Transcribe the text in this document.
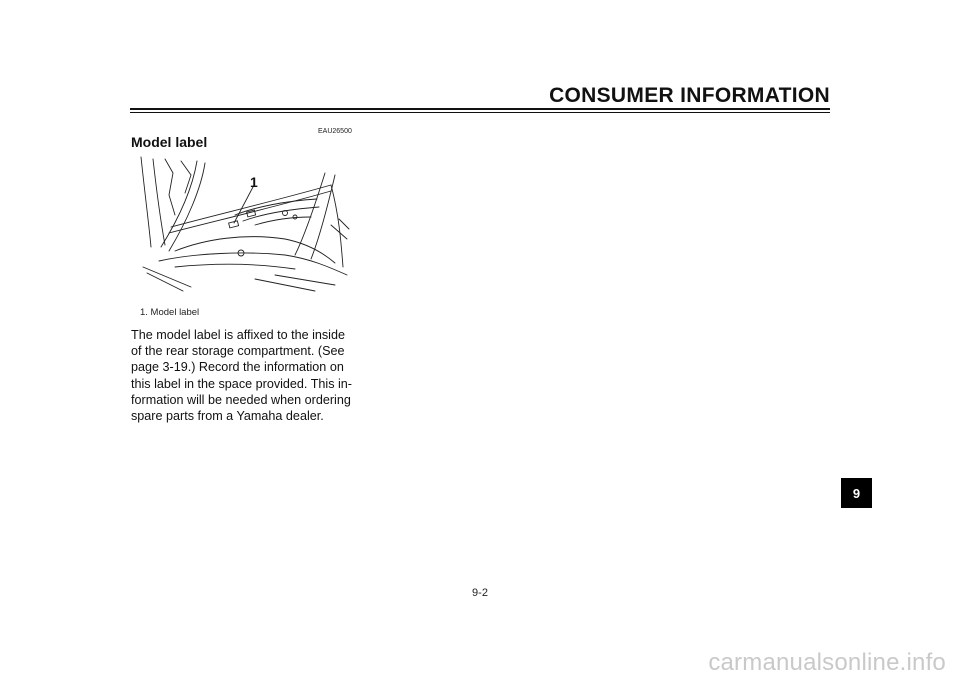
CONSUMER INFORMATION
EAU26500
Model label
1
1. Model label
The model label is affixed to the inside
of the rear storage compartment. (See
page 3-19.) Record the information on
this label in the space provided. This in-
formation will be needed when ordering
spare parts from a Yamaha dealer.
9
9-2
carmanualsonline.info
